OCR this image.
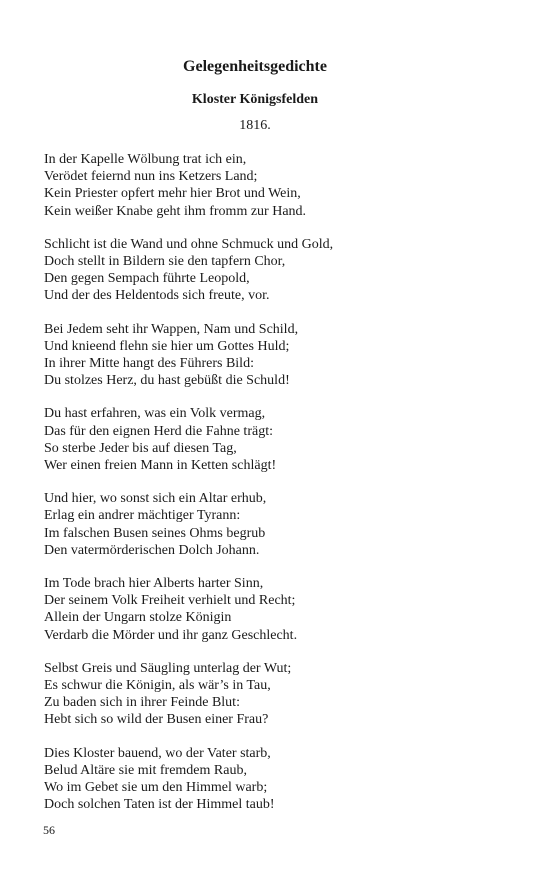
Gelegenheitsgedichte
Kloster Königsfelden
1816.
In der Kapelle Wölbung trat ich ein,
Verödet feiernd nun ins Ketzers Land;
Kein Priester opfert mehr hier Brot und Wein,
Kein weißer Knabe geht ihm fromm zur Hand.
Schlicht ist die Wand und ohne Schmuck und Gold,
Doch stellt in Bildern sie den tapfern Chor,
Den gegen Sempach führte Leopold,
Und der des Heldentods sich freute, vor.
Bei Jedem seht ihr Wappen, Nam und Schild,
Und knieend flehn sie hier um Gottes Huld;
In ihrer Mitte hangt des Führers Bild:
Du stolzes Herz, du hast gebüßt die Schuld!
Du hast erfahren, was ein Volk vermag,
Das für den eignen Herd die Fahne trägt:
So sterbe Jeder bis auf diesen Tag,
Wer einen freien Mann in Ketten schlägt!
Und hier, wo sonst sich ein Altar erhub,
Erlag ein andrer mächtiger Tyrann:
Im falschen Busen seines Ohms begrub
Den vatermörderischen Dolch Johann.
Im Tode brach hier Alberts harter Sinn,
Der seinem Volk Freiheit verhielt und Recht;
Allein der Ungarn stolze Königin
Verdarb die Mörder und ihr ganz Geschlecht.
Selbst Greis und Säugling unterlag der Wut;
Es schwur die Königin, als wär’s in Tau,
Zu baden sich in ihrer Feinde Blut:
Hebt sich so wild der Busen einer Frau?
Dies Kloster bauend, wo der Vater starb,
Belud Altäre sie mit fremdem Raub,
Wo im Gebet sie um den Himmel warb;
Doch solchen Taten ist der Himmel taub!
56
